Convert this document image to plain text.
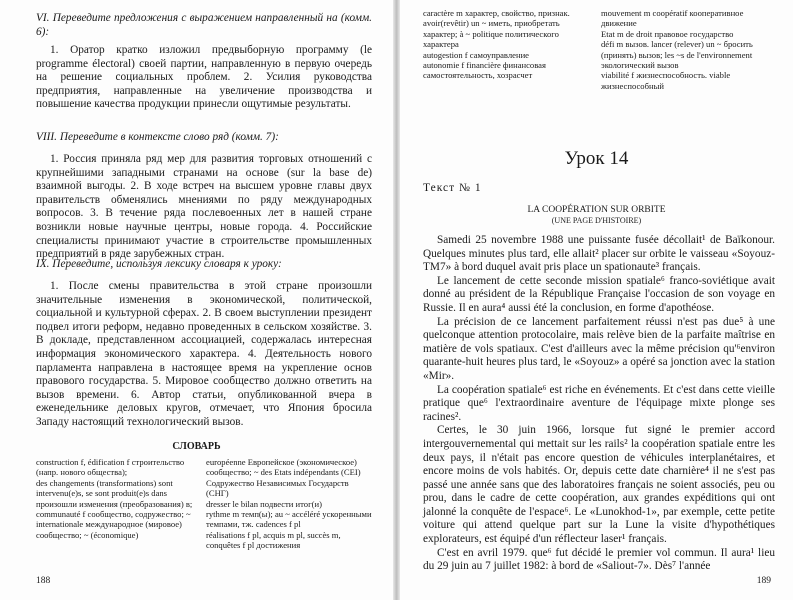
VI. Переведите предложения с выражением направленный на (комм. 6):

1. Оратор кратко изложил предвыборную программу (le programme électoral) своей партии, направленную в первую очередь на решение социальных проблем. 2. Усилия руководства предприятия, направленные на увеличение производства и повышение качества продукции принесли ощутимые результаты.

VIII. Переведите в контексте слово ряд (комм. 7):

1. Россия приняла ряд мер для развития торговых отношений с крупнейшими западными странами на основе (sur la base de) взаимной выгоды. 2. В ходе встреч на высшем уровне главы двух правительств обменялись мнениями по ряду международных вопросов. 3. В течение ряда послевоенных лет в нашей стране возникли новые научные центры, новые города. 4. Российские специалисты принимают участие в строительстве промышленных предприятий в ряде зарубежных стран.

IX. Переведите, используя лексику словаря к уроку:

1. После смены правительства в этой стране произошли значительные изменения в экономической, политической, социальной и культурной сферах. 2. В своем выступлении президент подвел итоги реформ, недавно проведенных в сельском хозяйстве. 3. В докладе, представленном ассоциацией, содержалась интересная информация экономического характера. 4. Деятельность нового парламента направлена в настоящее время на укрепление основ правового государства. 5. Мировое сообщество должно ответить на вызов времени. 6. Автор статьи, опубликованной вчера в еженедельнике деловых кругов, отмечает, что Япония бросила Западу настоящий технологический вызов.

СЛОВАРЬ

construction f, édification f строительство (напр. нового общества);

des changements (transformations) sont intervenu(e)s, se sont produit(e)s dans произошли изменения (преобразования) в;

communauté f сообщество, содружество; ~ internationale международное (мировое) сообщество; ~ (économique)

européenne Европейское (экономическое) сообщество; ~ des Etats indépendants (CEI) Содружество Независимых Государств (СНГ)

dresser le bilan подвести итог(и)

rythme m темп(ы); au ~ accéléré ускоренными темпами, тж. cadences f pl

réalisations f pl, acquis m pl, succès m, conquêtes f pl достижения

188

caractère m характер, свойство, признак. avoir(revêtir) un ~ иметь, приобретать характер; à ~ politique политического характера

autogestion f самоуправление

autonomie f financière финансовая самостоятельность, хозрасчет

mouvement m coopératif кооперативное движение

Etat m de droit правовое государство

défi m вызов. lancer (relever) un ~ бросить (принять) вызов; les ~s de l'environnement экологический вызов

viabilité f жизнеспособность. viable жизнеспособный

Урок 14
Текст № 1
LA COOPÉRATION SUR ORBITE
(UNE PAGE D'HISTOIRE)

Samedi 25 novembre 1988 une puissante fusée décollait¹ de Baïkonour. Quelques minutes plus tard, elle allait² placer sur orbite le vaisseau «Soyouz-TM7» à bord duquel avait pris place un spationaute³ français.

Le lancement de cette seconde mission spatiale⁶ franco-soviétique avait donné au président de la République Française l'occasion de son voyage en Russie. Il en aura⁴ aussi été la conclusion, en forme d'apothéose.

La précision de ce lancement parfaitement réussi n'est pas due⁵ à une quelconque attention protocolaire, mais relève bien de la parfaite maîtrise en matière de vols spatiaux. C'est d'ailleurs avec la même précision qu'⁶environ quarante-huit heures plus tard, le «Soyouz» a opéré sa jonction avec la station «Mir».

La coopération spatiale⁶ est riche en événements. Et c'est dans cette vieille pratique que⁶ l'extraordinaire aventure de l'équipage mixte plonge ses racines².

Certes, le 30 juin 1966, lorsque fut signé le premier accord intergouvernemental qui mettait sur les rails² la coopération spatiale entre les deux pays, il n'était pas encore question de véhicules interplanétaires, et encore moins de vols habités. Or, depuis cette date charnière⁴ il ne s'est pas passé une année sans que des laboratoires français ne soient associés, peu ou prou, dans le cadre de cette coopération, aux grandes expéditions qui ont jalonné la conquête de l'espace⁶. Le «Lunokhod-1», par exemple, cette petite voiture qui attend quelque part sur la Lune la visite d'hypothétiques explorateurs, est équipé d'un réflecteur laser¹ français.

C'est en avril 1979. que⁶ fut décidé le premier vol commun. Il aura¹ lieu du 29 juin au 7 juillet 1982: à bord de «Saliout-7». Dès⁷ l'année

189
